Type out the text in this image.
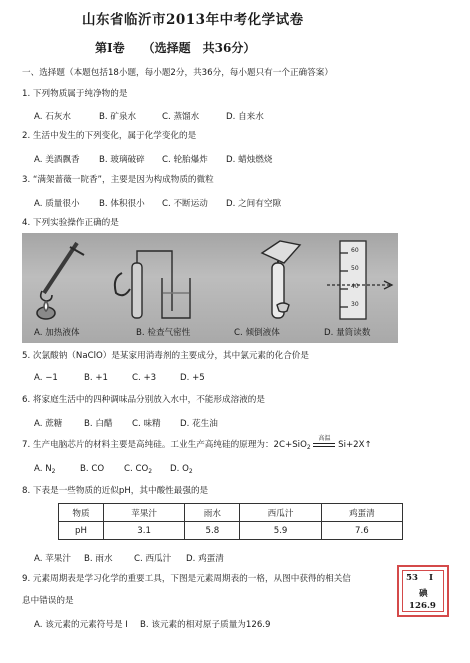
山东省临沂市2013年中考化学试卷
第Ⅰ卷　　（选择题　共36分）
一、选择题（本题包括18小题，每小题2分，共36分，每小题只有一个正确答案）
1. 下列物质属于纯净物的是
A. 石灰水	B. 矿泉水	C. 蒸馏水	D. 自来水
2. 生活中发生的下列变化，属于化学变化的是
A. 美酒飘香 B. 玻璃破碎 C. 轮胎爆炸 D. 蜡烛燃烧
3. “满架蔷薇一院香”，主要是因为构成物质的微粒
A. 质量很小 B. 体积很小 C. 不断运动 D. 之间有空隙
4. 下列实验操作正确的是
60
50
40
30
A. 加热液体	B. 检查气密性	C. 倾倒液体	D. 量筒读数
5. 次氯酸钠（NaClO）是某家用消毒剂的主要成分，其中氯元素的化合价是
A. −1	B. +1	C. +3	D. +5
6. 将家庭生活中的四种调味品分别放入水中，不能形成溶液的是
A. 蔗糖	B. 白醋 C. 味精 D. 花生油
7. 生产电脑芯片的材料主要是高纯硅。工业生产高纯硅的原理为：2C+SiO$_2$
高温
Si+2X↑
A. $N_2$	B. CO C. $CO_2$ D. $O_2$
8. 下表是一些物质的近似pH，其中酸性最强的是
物质	苹果汁	雨水	西瓜汁	鸡蛋清
pH	3.1	5.8	5.9	7.6
A. 苹果汁 B. 雨水 C. 西瓜汁 D. 鸡蛋清
9. 元素周期表是学习化学的重要工具，下图是元素周期表的一格，从图中获得的相关信
息中错误的是
A. 该元素的元素符号是 I B. 该元素的相对原子质量为126.9
53 I
碘
126.9
